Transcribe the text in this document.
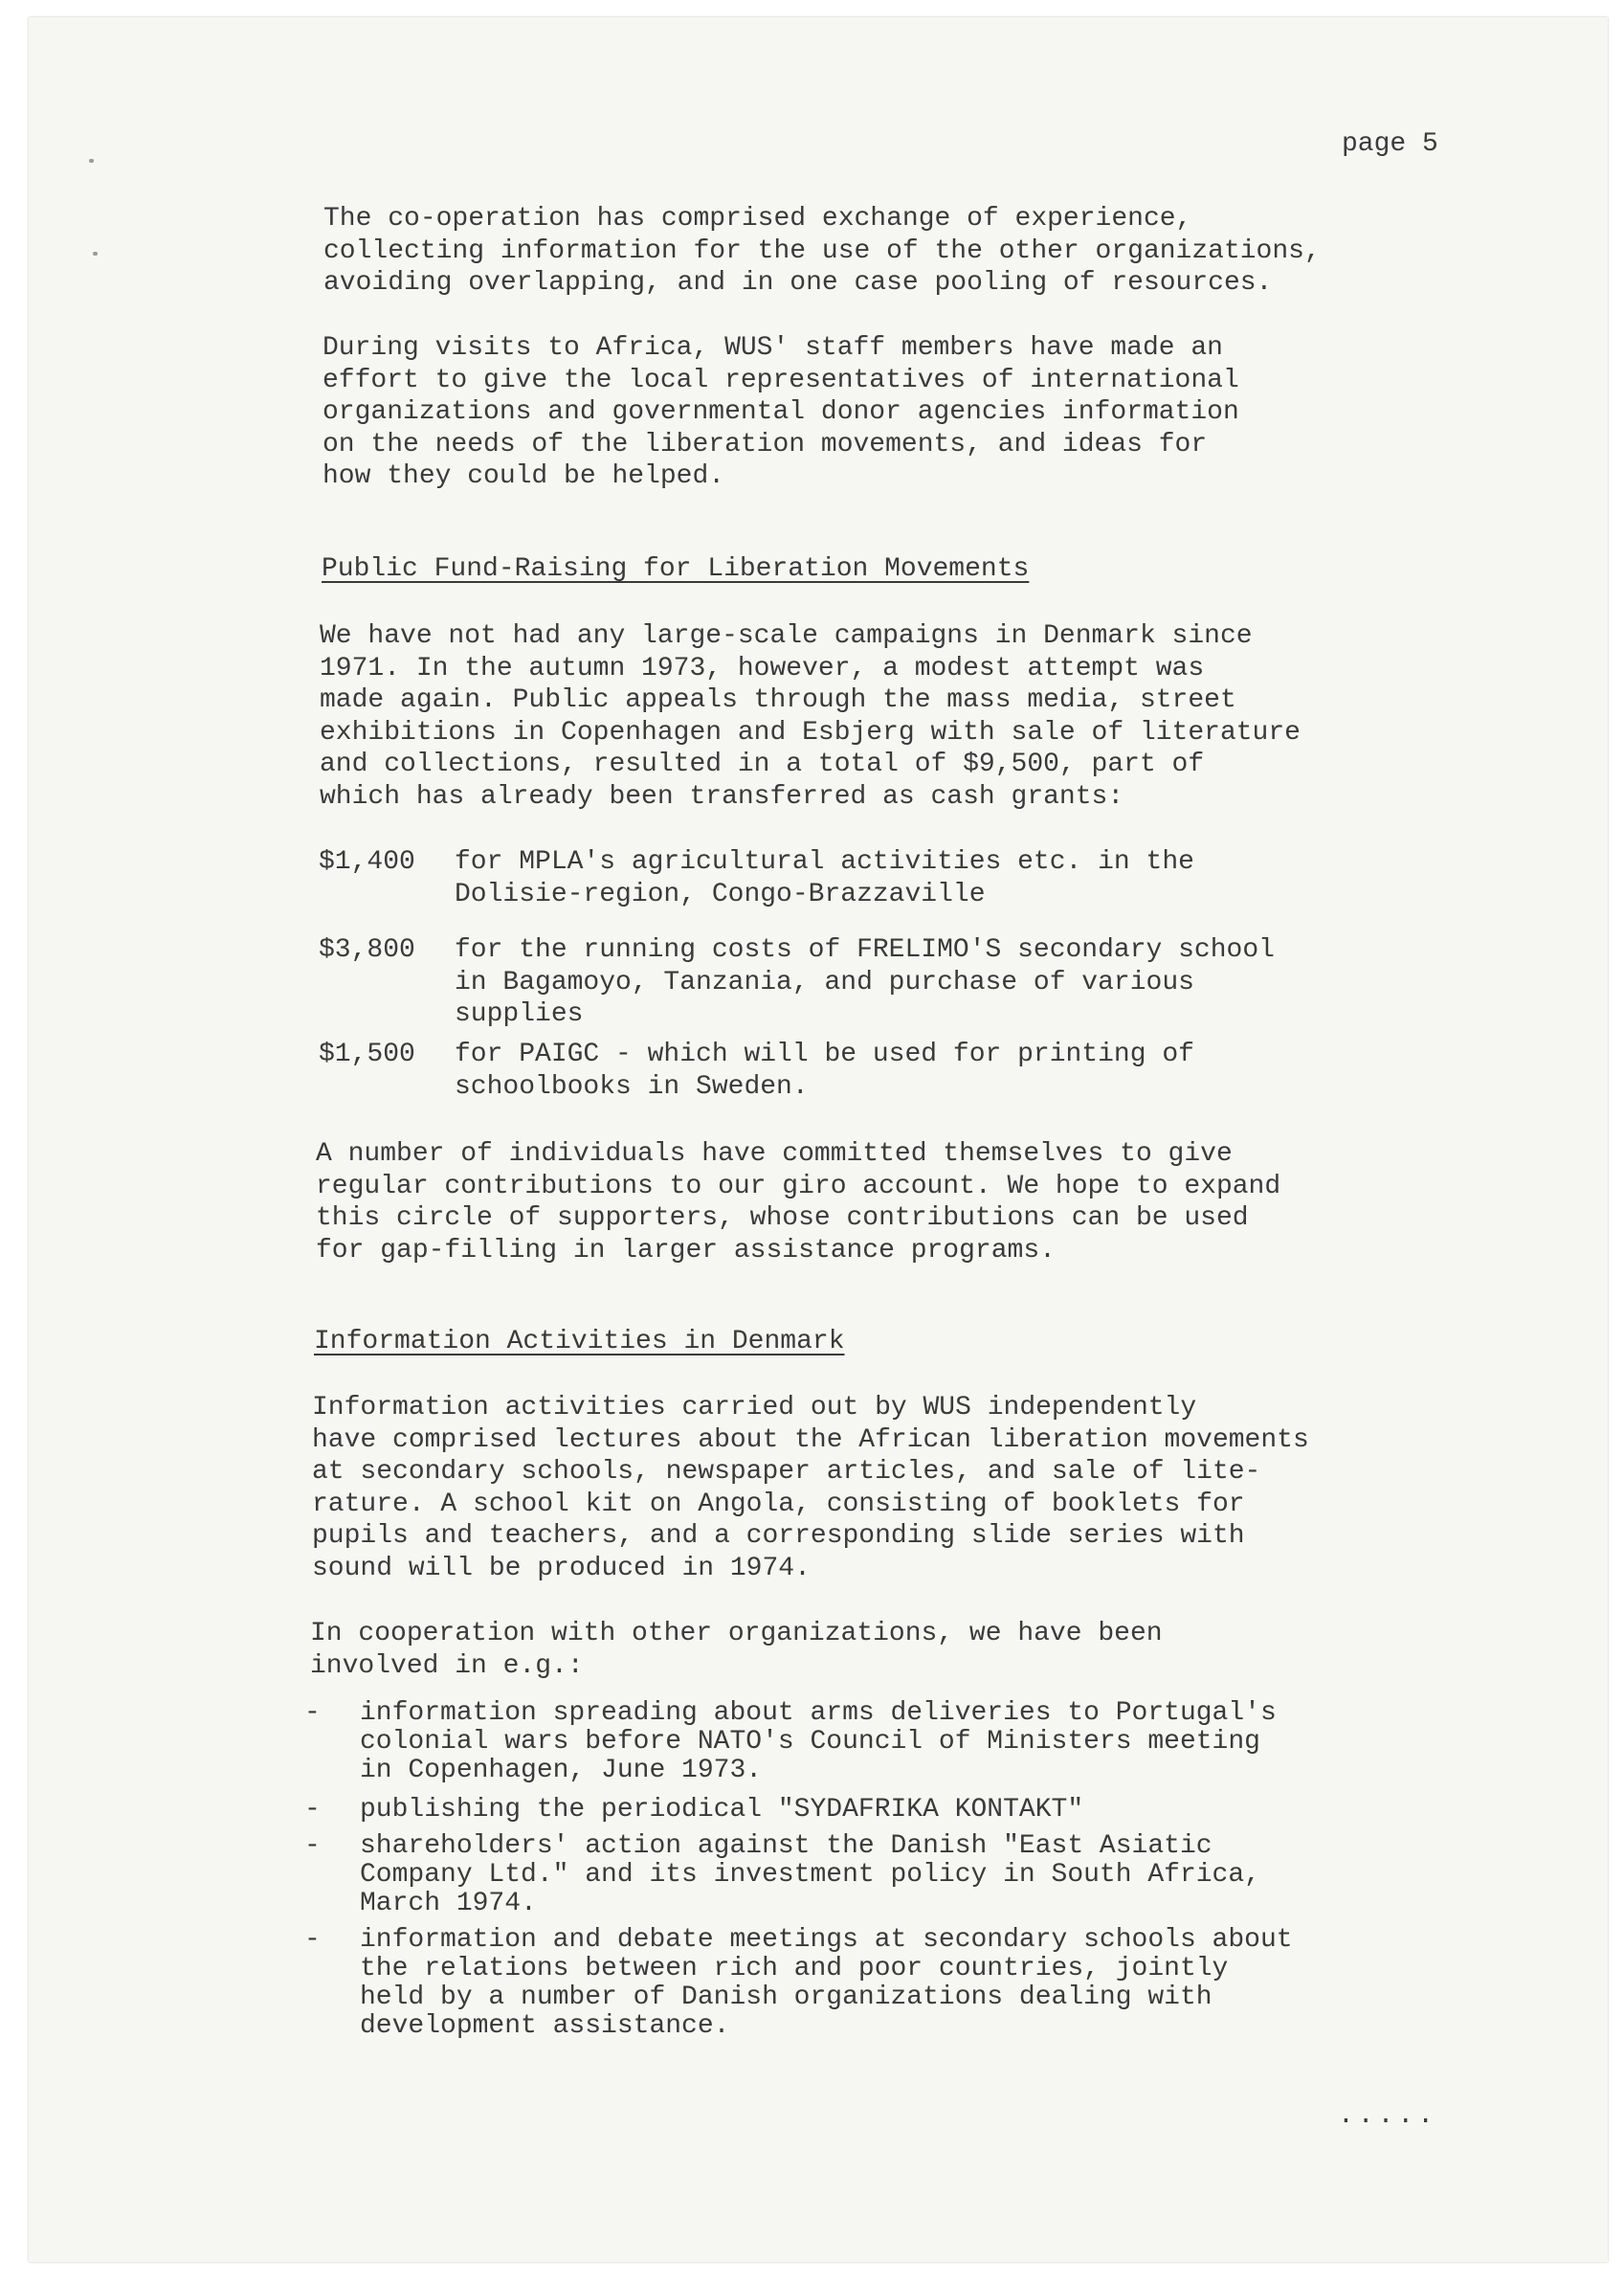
page 5

The co-operation has comprised exchange of experience,
collecting information for the use of the other organizations,
avoiding overlapping, and in one case pooling of resources.

During visits to Africa, WUS' staff members have made an
effort to give the local representatives of international
organizations and governmental donor agencies information
on the needs of the liberation movements, and ideas for
how they could be helped.

Public Fund-Raising for Liberation Movements

We have not had any large-scale campaigns in Denmark since
1971. In the autumn 1973, however, a modest attempt was
made again. Public appeals through the mass media, street
exhibitions in Copenhagen and Esbjerg with sale of literature
and collections, resulted in a total of $9,500, part of
which has already been transferred as cash grants:

$1,400 for MPLA's agricultural activities etc. in the
Dolisie-region, Congo-Brazzaville

$3,800 for the running costs of FRELIMO'S secondary school
in Bagamoyo, Tanzania, and purchase of various
supplies

$1,500 for PAIGC - which will be used for printing of
schoolbooks in Sweden.

A number of individuals have committed themselves to give
regular contributions to our giro account. We hope to expand
this circle of supporters, whose contributions can be used
for gap-filling in larger assistance programs.

Information Activities in Denmark

Information activities carried out by WUS independently
have comprised lectures about the African liberation movements
at secondary schools, newspaper articles, and sale of lite-
rature. A school kit on Angola, consisting of booklets for
pupils and teachers, and a corresponding slide series with
sound will be produced in 1974.

In cooperation with other organizations, we have been
involved in e.g.:

- information spreading about arms deliveries to Portugal's
colonial wars before NATO's Council of Ministers meeting
in Copenhagen, June 1973.

- publishing the periodical "SYDAFRIKA KONTAKT"

- shareholders' action against the Danish "East Asiatic
Company Ltd." and its investment policy in South Africa,
March 1974.

- information and debate meetings at secondary schools about
the relations between rich and poor countries, jointly
held by a number of Danish organizations dealing with
development assistance.

.....
